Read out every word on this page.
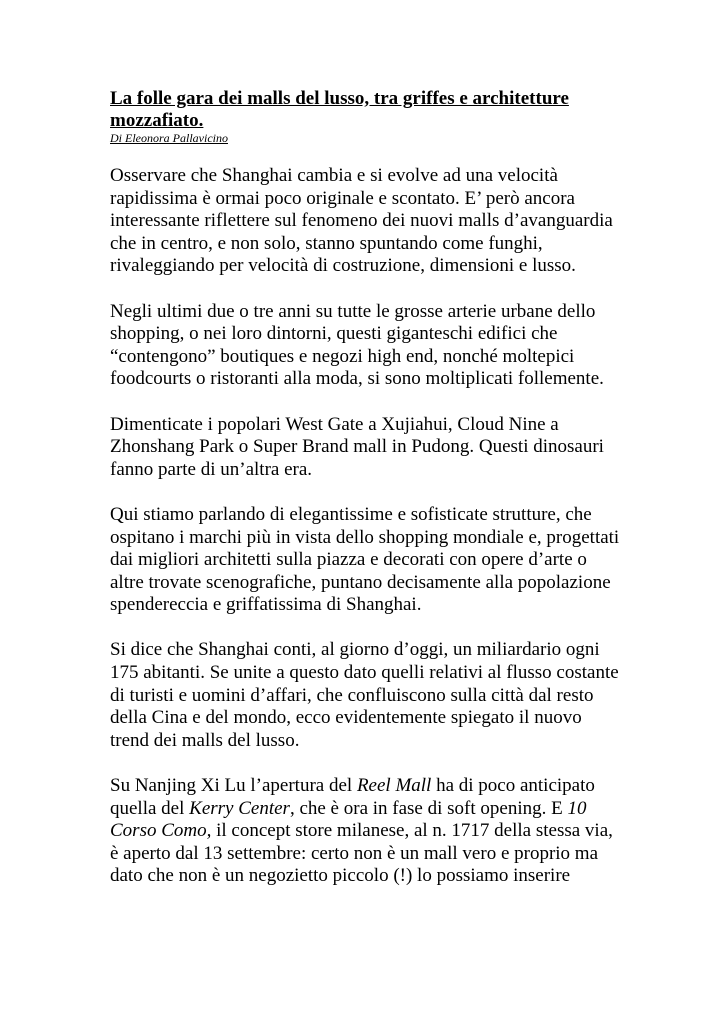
La folle gara dei malls del lusso, tra griffes e architetture mozzafiato.

Di Eleonora Pallavicino

Osservare che Shanghai cambia e si evolve ad una velocità rapidissima è ormai poco originale e scontato. E’ però ancora interessante riflettere sul fenomeno dei nuovi malls d’avanguardia che in centro, e non solo, stanno spuntando come funghi, rivaleggiando per velocità di costruzione, dimensioni e lusso.

Negli ultimi due o tre anni su tutte le grosse arterie urbane dello shopping, o nei loro dintorni, questi giganteschi edifici che “contengono” boutiques e negozi high end, nonché moltepici foodcourts o ristoranti alla moda, si sono moltiplicati follemente.

Dimenticate i popolari West Gate a Xujiahui, Cloud Nine a Zhonshang Park o Super Brand mall in Pudong. Questi dinosauri fanno parte di un’altra era.

Qui stiamo parlando di elegantissime e sofisticate strutture, che ospitano i marchi più in vista dello shopping mondiale e, progettati dai migliori architetti sulla piazza e decorati con opere d’arte o altre trovate scenografiche, puntano decisamente alla popolazione spendereccia e griffatissima di Shanghai.

Si dice che Shanghai conti, al giorno d’oggi, un miliardario ogni 175 abitanti. Se unite a questo dato quelli relativi al flusso costante di turisti e uomini d’affari, che confluiscono sulla città dal resto della Cina e del mondo, ecco evidentemente spiegato il nuovo trend dei malls del lusso.

Su Nanjing Xi Lu l’apertura del Reel Mall ha di poco anticipato quella del Kerry Center, che è ora in fase di soft opening. E 10 Corso Como, il concept store milanese, al n. 1717 della stessa via, è aperto dal 13 settembre: certo non è un mall vero e proprio ma dato che non è un negozietto piccolo (!) lo possiamo inserire
